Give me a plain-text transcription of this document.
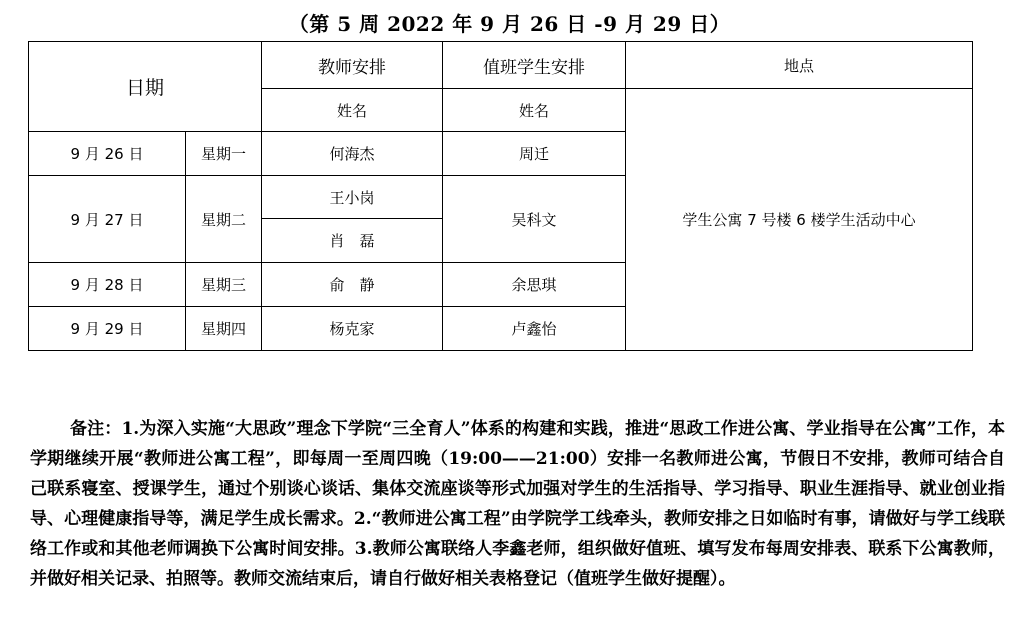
（第 5 周 2022 年 9 月 26 日 -9 月 29 日）
日期		教师安排	值班学生安排	地点
		姓名	姓名	学生公寓 7 号楼 6 楼学生活动中心
9 月 26 日	星期一	何海杰	周迁	
9 月 27 日	星期二	王小岗	吴科文	
		肖　磊		
9 月 28 日	星期三	俞　静	余思琪	
9 月 29 日	星期四	杨克家	卢鑫怡	
备注：1.为深入实施“大思政”理念下学院“三全育人”体系的构建和实践，推进“思政工作进公寓、学业指导在公寓”工作，本学期继续开展“教师进公寓工程”，即每周一至周四晚（19:00——21:00）安排一名教师进公寓，节假日不安排，教师可结合自己联系寝室、授课学生，通过个别谈心谈话、集体交流座谈等形式加强对学生的生活指导、学习指导、职业生涯指导、就业创业指导、心理健康指导等，满足学生成长需求。2.“教师进公寓工程”由学院学工线牵头，教师安排之日如临时有事，请做好与学工线联络工作或和其他老师调换下公寓时间安排。3.教师公寓联络人李鑫老师，组织做好值班、填写发布每周安排表、联系下公寓教师，并做好相关记录、拍照等。教师交流结束后，请自行做好相关表格登记（值班学生做好提醒）。
